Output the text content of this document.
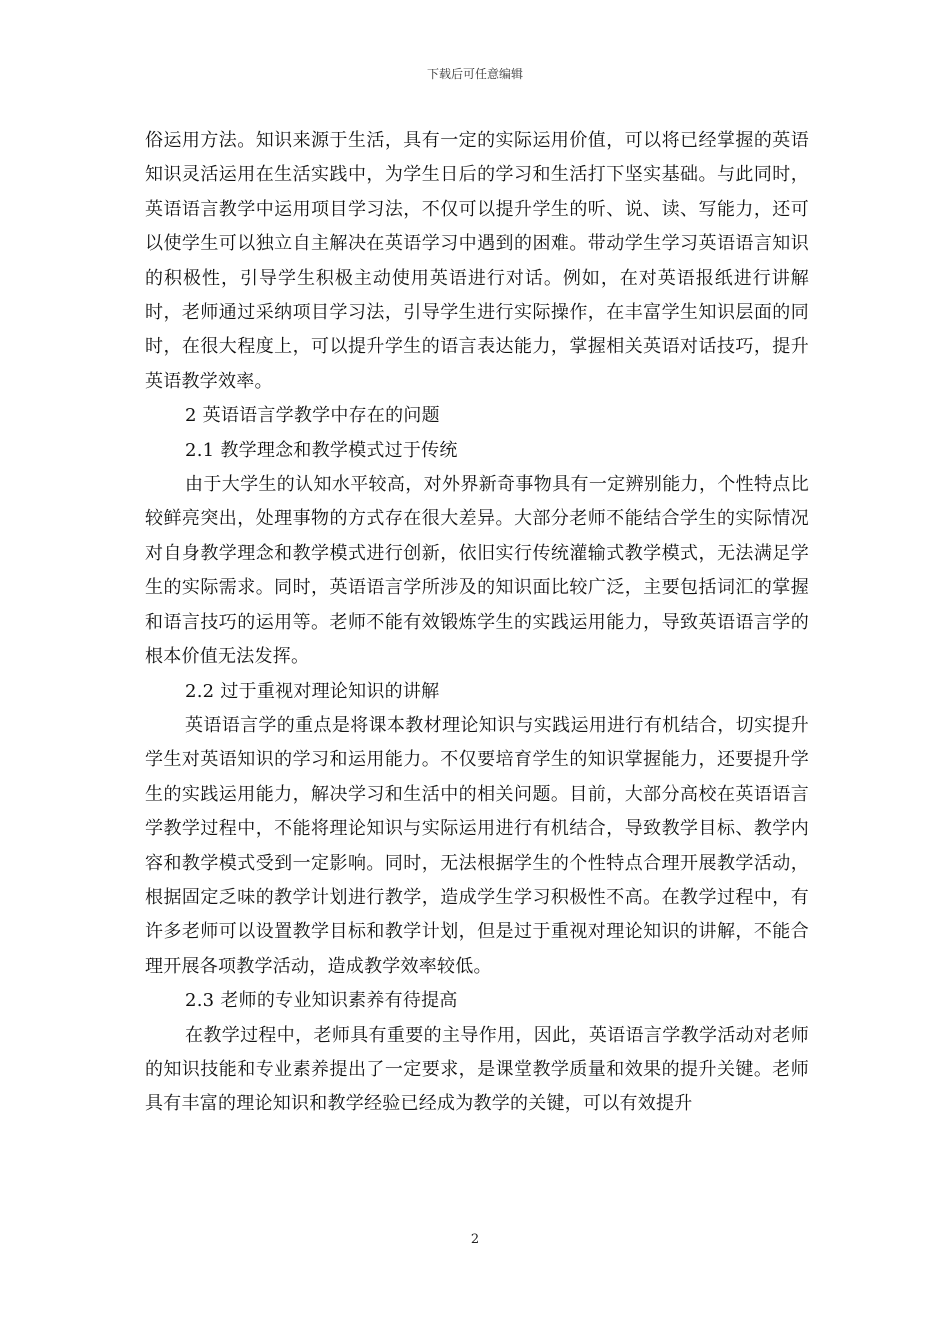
下载后可任意编辑

俗运用方法。知识来源于生活，具有一定的实际运用价值，可以将已经掌握的英语知识灵活运用在生活实践中，为学生日后的学习和生活打下坚实基础。与此同时，英语语言教学中运用项目学习法，不仅可以提升学生的听、说、读、写能力，还可以使学生可以独立自主解决在英语学习中遇到的困难。带动学生学习英语语言知识的积极性，引导学生积极主动使用英语进行对话。例如，在对英语报纸进行讲解时，老师通过采纳项目学习法，引导学生进行实际操作，在丰富学生知识层面的同时，在很大程度上，可以提升学生的语言表达能力，掌握相关英语对话技巧，提升英语教学效率。

2 英语语言学教学中存在的问题

2.1 教学理念和教学模式过于传统

由于大学生的认知水平较高，对外界新奇事物具有一定辨别能力，个性特点比较鲜亮突出，处理事物的方式存在很大差异。大部分老师不能结合学生的实际情况对自身教学理念和教学模式进行创新，依旧实行传统灌输式教学模式，无法满足学生的实际需求。同时，英语语言学所涉及的知识面比较广泛，主要包括词汇的掌握和语言技巧的运用等。老师不能有效锻炼学生的实践运用能力，导致英语语言学的根本价值无法发挥。

2.2 过于重视对理论知识的讲解

英语语言学的重点是将课本教材理论知识与实践运用进行有机结合，切实提升学生对英语知识的学习和运用能力。不仅要培育学生的知识掌握能力，还要提升学生的实践运用能力，解决学习和生活中的相关问题。目前，大部分高校在英语语言学教学过程中，不能将理论知识与实际运用进行有机结合，导致教学目标、教学内容和教学模式受到一定影响。同时，无法根据学生的个性特点合理开展教学活动，根据固定乏味的教学计划进行教学，造成学生学习积极性不高。在教学过程中，有许多老师可以设置教学目标和教学计划，但是过于重视对理论知识的讲解，不能合理开展各项教学活动，造成教学效率较低。

2.3 老师的专业知识素养有待提高

在教学过程中，老师具有重要的主导作用，因此，英语语言学教学活动对老师的知识技能和专业素养提出了一定要求，是课堂教学质量和效果的提升关键。老师具有丰富的理论知识和教学经验已经成为教学的关键，可以有效提升

2
